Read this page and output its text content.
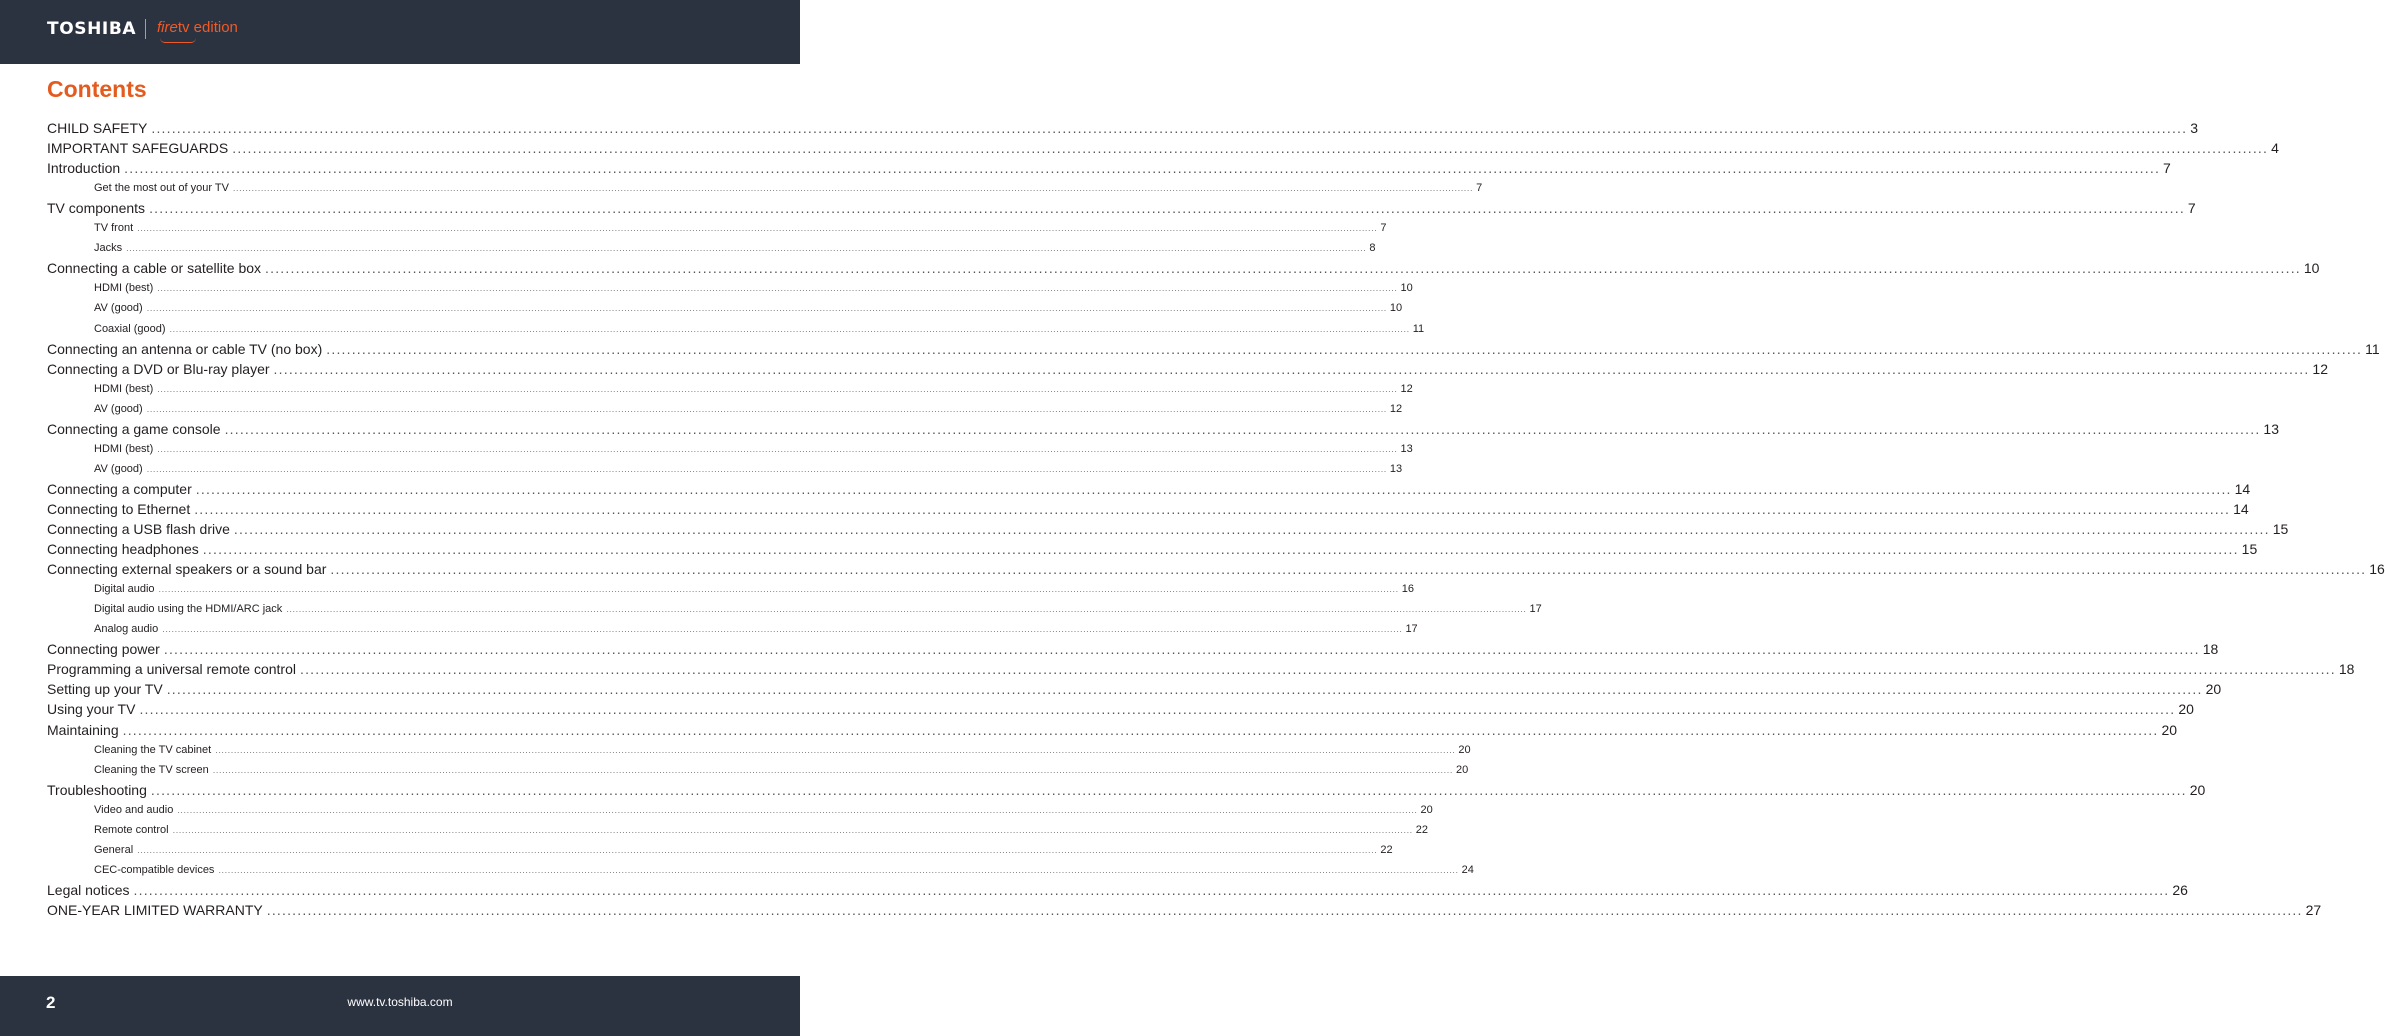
TOSHIBA firetv edition
Contents
CHILD SAFETY ................................................................................................................................................................................................................................................................................................................................................................................................................ 3
IMPORTANT SAFEGUARDS ................................................................................................................................................................................................................................................................................................................................................................................................................ 4
Introduction ................................................................................................................................................................................................................................................................................................................................................................................................................ 7
Get the most out of your TV ................................................................................................................................................................................................................................................................................................................................................................................................................ 7
TV components ................................................................................................................................................................................................................................................................................................................................................................................................................ 7
TV front ................................................................................................................................................................................................................................................................................................................................................................................................................ 7
Jacks ................................................................................................................................................................................................................................................................................................................................................................................................................ 8
Connecting a cable or satellite box ................................................................................................................................................................................................................................................................................................................................................................................................................ 10
HDMI (best) ................................................................................................................................................................................................................................................................................................................................................................................................................ 10
AV (good) ................................................................................................................................................................................................................................................................................................................................................................................................................ 10
Coaxial (good) ................................................................................................................................................................................................................................................................................................................................................................................................................ 11
Connecting an antenna or cable TV (no box) ................................................................................................................................................................................................................................................................................................................................................................................................................ 11
Connecting a DVD or Blu-ray player ................................................................................................................................................................................................................................................................................................................................................................................................................ 12
HDMI (best) ................................................................................................................................................................................................................................................................................................................................................................................................................ 12
AV (good) ................................................................................................................................................................................................................................................................................................................................................................................................................ 12
Connecting a game console ................................................................................................................................................................................................................................................................................................................................................................................................................ 13
HDMI (best) ................................................................................................................................................................................................................................................................................................................................................................................................................ 13
AV (good) ................................................................................................................................................................................................................................................................................................................................................................................................................ 13
Connecting a computer ................................................................................................................................................................................................................................................................................................................................................................................................................ 14
Connecting to Ethernet ................................................................................................................................................................................................................................................................................................................................................................................................................ 14
Connecting a USB flash drive ................................................................................................................................................................................................................................................................................................................................................................................................................ 15
Connecting headphones ................................................................................................................................................................................................................................................................................................................................................................................................................ 15
Connecting external speakers or a sound bar ................................................................................................................................................................................................................................................................................................................................................................................................................ 16
Digital audio ................................................................................................................................................................................................................................................................................................................................................................................................................ 16
Digital audio using the HDMI/ARC jack ................................................................................................................................................................................................................................................................................................................................................................................................................ 17
Analog audio ................................................................................................................................................................................................................................................................................................................................................................................................................ 17
Connecting power ................................................................................................................................................................................................................................................................................................................................................................................................................ 18
Programming a universal remote control ................................................................................................................................................................................................................................................................................................................................................................................................................ 18
Setting up your TV ................................................................................................................................................................................................................................................................................................................................................................................................................ 20
Using your TV ................................................................................................................................................................................................................................................................................................................................................................................................................ 20
Maintaining ................................................................................................................................................................................................................................................................................................................................................................................................................ 20
Cleaning the TV cabinet ................................................................................................................................................................................................................................................................................................................................................................................................................ 20
Cleaning the TV screen ................................................................................................................................................................................................................................................................................................................................................................................................................ 20
Troubleshooting ................................................................................................................................................................................................................................................................................................................................................................................................................ 20
Video and audio ................................................................................................................................................................................................................................................................................................................................................................................................................ 20
Remote control ................................................................................................................................................................................................................................................................................................................................................................................................................ 22
General ................................................................................................................................................................................................................................................................................................................................................................................................................ 22
CEC-compatible devices ................................................................................................................................................................................................................................................................................................................................................................................................................ 24
Legal notices ................................................................................................................................................................................................................................................................................................................................................................................................................ 26
ONE-YEAR LIMITED WARRANTY ................................................................................................................................................................................................................................................................................................................................................................................................................ 27
2	www.tv.toshiba.com
